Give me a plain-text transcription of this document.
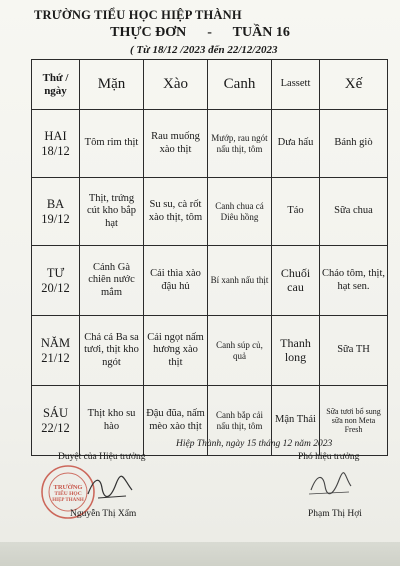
TRƯỜNG TIỂU HỌC HIỆP THÀNH
THỰC ĐƠN - TUẦN 16
( Từ 18/12 /2023 đến 22/12/2023
Thứ / ngày	Mặn	Xào	Canh	Lassett	Xế

HAI
18/12	Tôm rim thịt	Rau muống xào thịt	Mướp, rau ngót nấu thịt, tôm	Dưa hấu	Bánh giò

BA
19/12	Thịt, trứng cút kho bắp hạt	Su su, cà rốt xào thịt, tôm	Canh chua cá Diêu hồng	Táo	Sữa chua

TƯ
20/12	Cánh Gà chiên nước mắm	Cải thìa xào đậu hủ	Bí xanh nấu thịt	Chuối cau	Cháo tôm, thịt, hạt sen.

NĂM
21/12	Chả cá Ba sa tươi, thịt kho ngót	Cải ngọt nấm hương xào thịt	Canh súp củ, quả	Thanh long	Sữa TH

SÁU
22/12	Thịt kho su hào	Đậu đũa, nấm mèo xào thịt	Canh bắp cải nấu thịt, tôm	Mận Thái	Sữa tươi bổ sung sữa non Meta Fresh
Hiệp Thành, ngày 15 tháng 12 năm 2023
Duyệt của Hiệu trưởng	Phó hiệu trưởng
TRƯỜNG
TIỂU HỌC
HIỆP THÀNH
Nguyễn Thị Xấm	Phạm Thị Hợi
